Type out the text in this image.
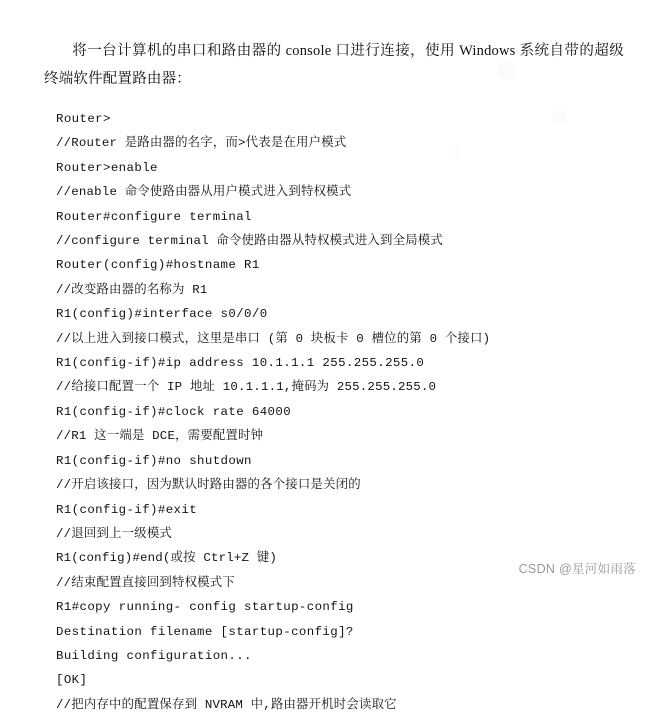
将一台计算机的串口和路由器的 console 口进行连接，使用 Windows 系统自带的超级终端软件配置路由器：

Router>
//Router 是路由器的名字，而>代表是在用户模式
Router>enable
//enable 命令使路由器从用户模式进入到特权模式
Router#configure terminal
//configure terminal 命令使路由器从特权模式进入到全局模式
Router(config)#hostname R1
//改变路由器的名称为 R1
R1(config)#interface s0/0/0
//以上进入到接口模式，这里是串口 (第 0 块板卡 0 槽位的第 0 个接口)
R1(config-if)#ip address 10.1.1.1 255.255.255.0
//给接口配置一个 IP 地址 10.1.1.1,掩码为 255.255.255.0
R1(config-if)#clock rate 64000
//R1 这一端是 DCE，需要配置时钟
R1(config-if)#no shutdown
//开启该接口，因为默认时路由器的各个接口是关闭的
R1(config-if)#exit
//退回到上一级模式
R1(config)#end(或按 Ctrl+Z 键)
//结束配置直接回到特权模式下
R1#copy running- config startup-config
Destination filename [startup-config]?
Building configuration...
[OK]
//把内存中的配置保存到 NVRAM 中,路由器开机时会读取它
CSDN @星河如雨落
